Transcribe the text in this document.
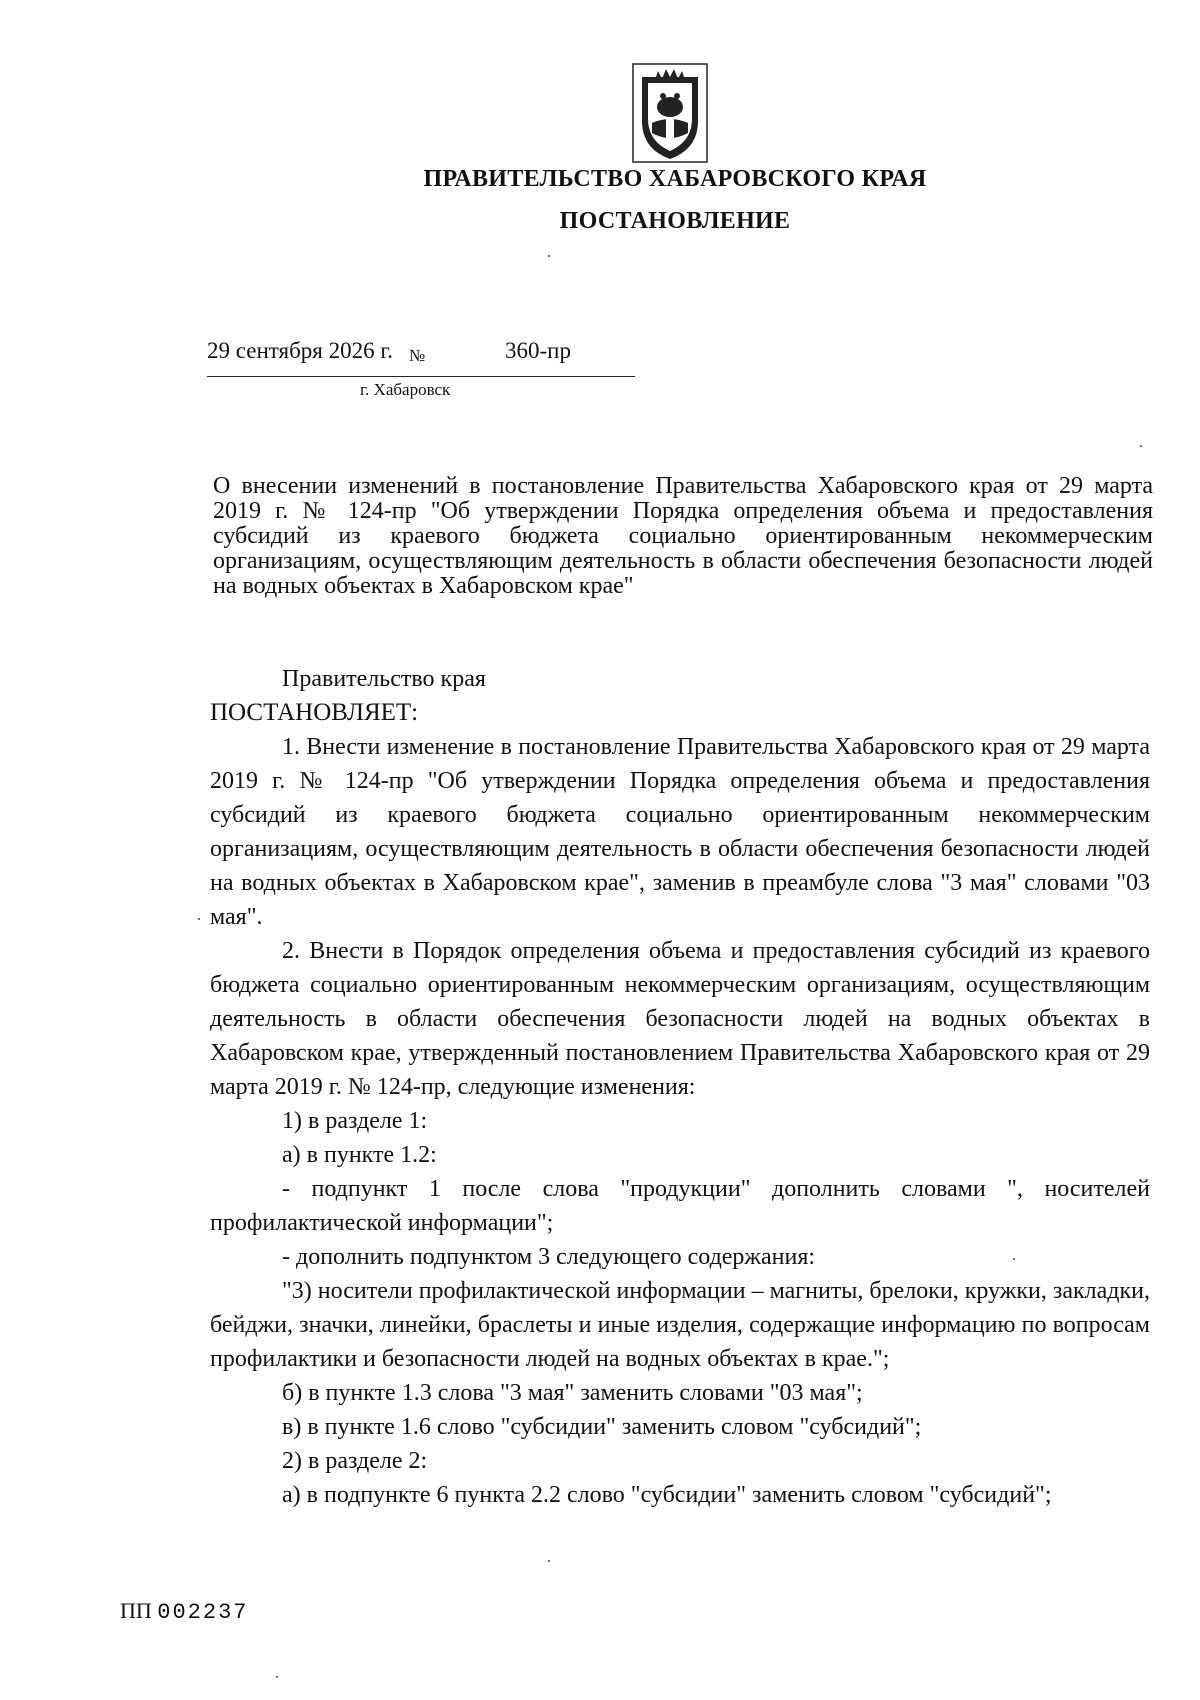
ПРАВИТЕЛЬСТВО ХАБАРОВСКОГО КРАЯ
ПОСТАНОВЛЕНИЕ
29 сентября 2026 г. №	360-пр
г. Хабаровск
О внесении изменений в постановление Правительства Хабаровского края от 29 марта 2019 г. № 124-пр "Об утверждении Порядка определения объема и предоставления субсидий из краевого бюджета социально ориентированным некоммерческим организациям, осуществляющим деятельность в области обеспечения безопасности людей на водных объектах в Хабаровском крае"

Правительство края

ПОСТАНОВЛЯЕТ:

1. Внести изменение в постановление Правительства Хабаровского края от 29 марта 2019 г. № 124-пр "Об утверждении Порядка определения объема и предоставления субсидий из краевого бюджета социально ориентированным некоммерческим организациям, осуществляющим деятельность в области обеспечения безопасности людей на водных объектах в Хабаровском крае", заменив в преамбуле слова "3 мая" словами "03 мая".

2. Внести в Порядок определения объема и предоставления субсидий из краевого бюджета социально ориентированным некоммерческим организациям, осуществляющим деятельность в области обеспечения безопасности людей на водных объектах в Хабаровском крае, утвержденный постановлением Правительства Хабаровского края от 29 марта 2019 г. № 124-пр, следующие изменения:

1) в разделе 1:

а) в пункте 1.2:

- подпункт 1 после слова "продукции" дополнить словами ", носителей профилактической информации";

- дополнить подпунктом 3 следующего содержания:

"3) носители профилактической информации – магниты, брелоки, кружки, закладки, бейджи, значки, линейки, браслеты и иные изделия, содержащие информацию по вопросам профилактики и безопасности людей на водных объектах в крае.";

б) в пункте 1.3 слова "3 мая" заменить словами "03 мая";

в) в пункте 1.6 слово "субсидии" заменить словом "субсидий";

2) в разделе 2:

а) в подпункте 6 пункта 2.2 слово "субсидии" заменить словом "субсидий";

ПП 002237
